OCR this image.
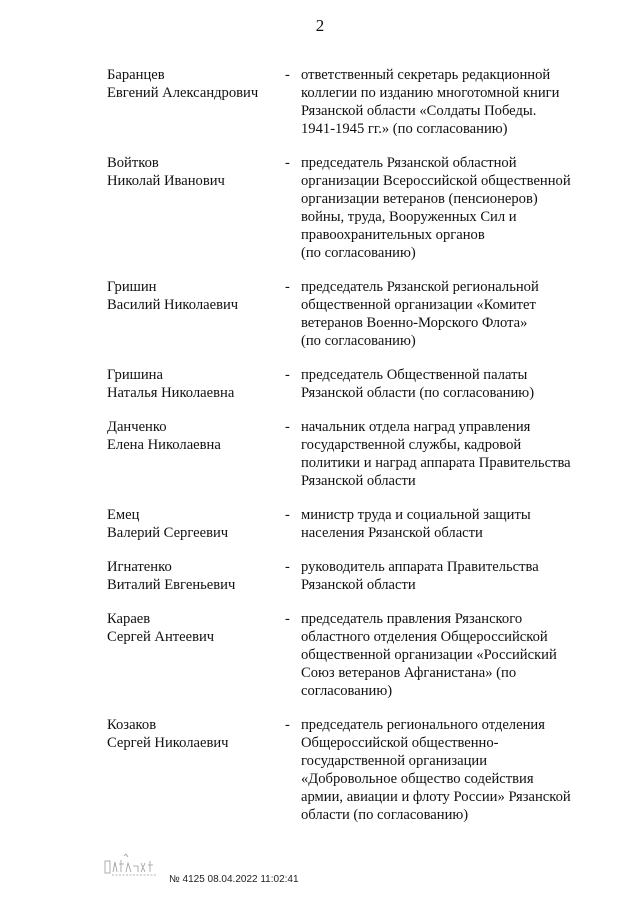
2
Баранцев
Евгений Александрович
- ответственный секретарь редакционной
коллегии по изданию многотомной книги
Рязанской области «Солдаты Победы.
1941-1945 гг.» (по согласованию)
Войтков
Николай Иванович
- председатель Рязанской областной
организации Всероссийской общественной
организации ветеранов (пенсионеров)
войны, труда, Вооруженных Сил и
правоохранительных органов
(по согласованию)
Гришин
Василий Николаевич
- председатель Рязанской региональной
общественной организации «Комитет
ветеранов Военно-Морского Флота»
(по согласованию)
Гришина
Наталья Николаевна
- председатель Общественной палаты
Рязанской области (по согласованию)
Данченко
Елена Николаевна
- начальник отдела наград управления
государственной службы, кадровой
политики и наград аппарата Правительства
Рязанской области
Емец
Валерий Сергеевич
- министр труда и социальной защиты
населения Рязанской области
Игнатенко
Виталий Евгеньевич
- руководитель аппарата Правительства
Рязанской области
Караев
Сергей Антеевич
- председатель правления Рязанского
областного отделения Общероссийской
общественной организации «Российский
Союз ветеранов Афганистана» (по
согласованию)
Козаков
Сергей Николаевич
- председатель регионального отделения
Общероссийской общественно-
государственной организации
«Добровольное общество содействия
армии, авиации и флоту России» Рязанской
области (по согласованию)
№ 4125 08.04.2022 11:02:41
